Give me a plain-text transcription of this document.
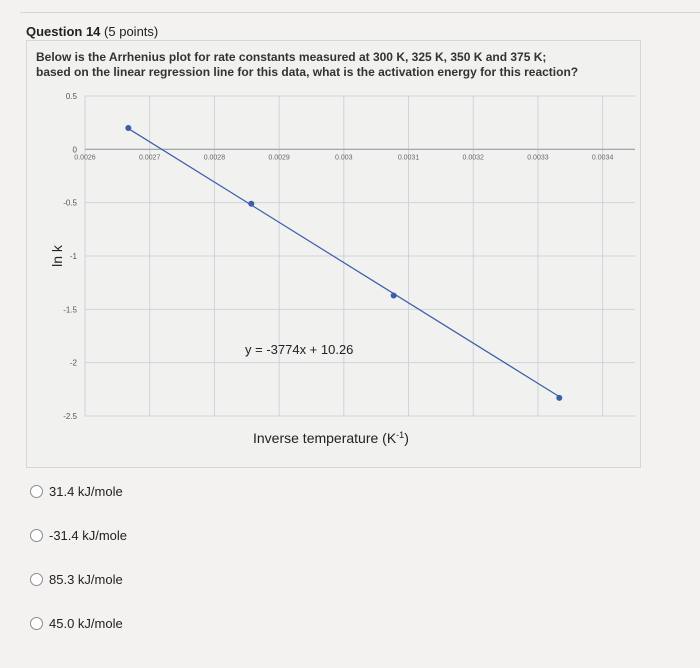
Question 14 (5 points)
Below is the Arrhenius plot for rate constants measured at 300 K, 325 K, 350 K and 375 K;
based on the linear regression line for this data, what is the activation energy for this reaction?
0.5
0
-0.5
-1
-1.5
-2
-2.5
0.0026	0.0027	0.0028	0.0029	0.003	0.0031	0.0032	0.0033	0.0034
y = -3774x + 10.26
Inverse temperature $(K^{-1})$
ln k
31.4 kJ/mole
-31.4 kJ/mole
85.3 kJ/mole
45.0 kJ/mole
